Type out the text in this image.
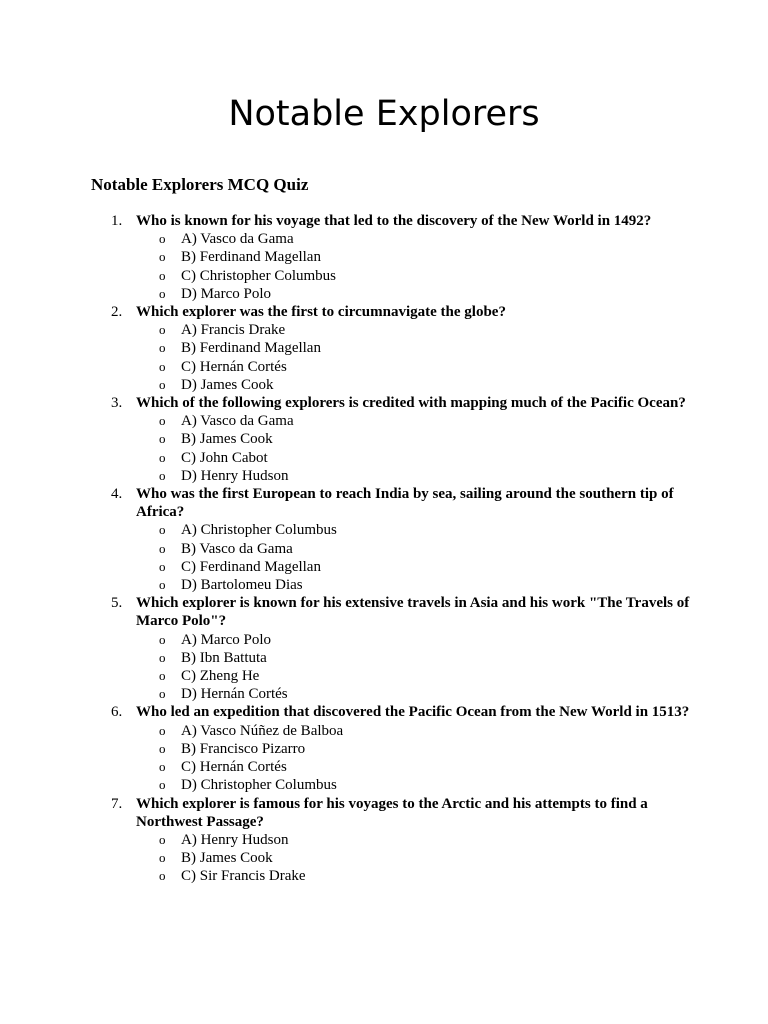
Notable Explorers
Notable Explorers MCQ Quiz
1. Who is known for his voyage that led to the discovery of the New World in 1492?
o A) Vasco da Gama
o B) Ferdinand Magellan
o C) Christopher Columbus
o D) Marco Polo
2. Which explorer was the first to circumnavigate the globe?
o A) Francis Drake
o B) Ferdinand Magellan
o C) Hernán Cortés
o D) James Cook
3. Which of the following explorers is credited with mapping much of the Pacific Ocean?
o A) Vasco da Gama
o B) James Cook
o C) John Cabot
o D) Henry Hudson
4. Who was the first European to reach India by sea, sailing around the southern tip of Africa?
o A) Christopher Columbus
o B) Vasco da Gama
o C) Ferdinand Magellan
o D) Bartolomeu Dias
5. Which explorer is known for his extensive travels in Asia and his work "The Travels of Marco Polo"?
o A) Marco Polo
o B) Ibn Battuta
o C) Zheng He
o D) Hernán Cortés
6. Who led an expedition that discovered the Pacific Ocean from the New World in 1513?
o A) Vasco Núñez de Balboa
o B) Francisco Pizarro
o C) Hernán Cortés
o D) Christopher Columbus
7. Which explorer is famous for his voyages to the Arctic and his attempts to find a Northwest Passage?
o A) Henry Hudson
o B) James Cook
o C) Sir Francis Drake
